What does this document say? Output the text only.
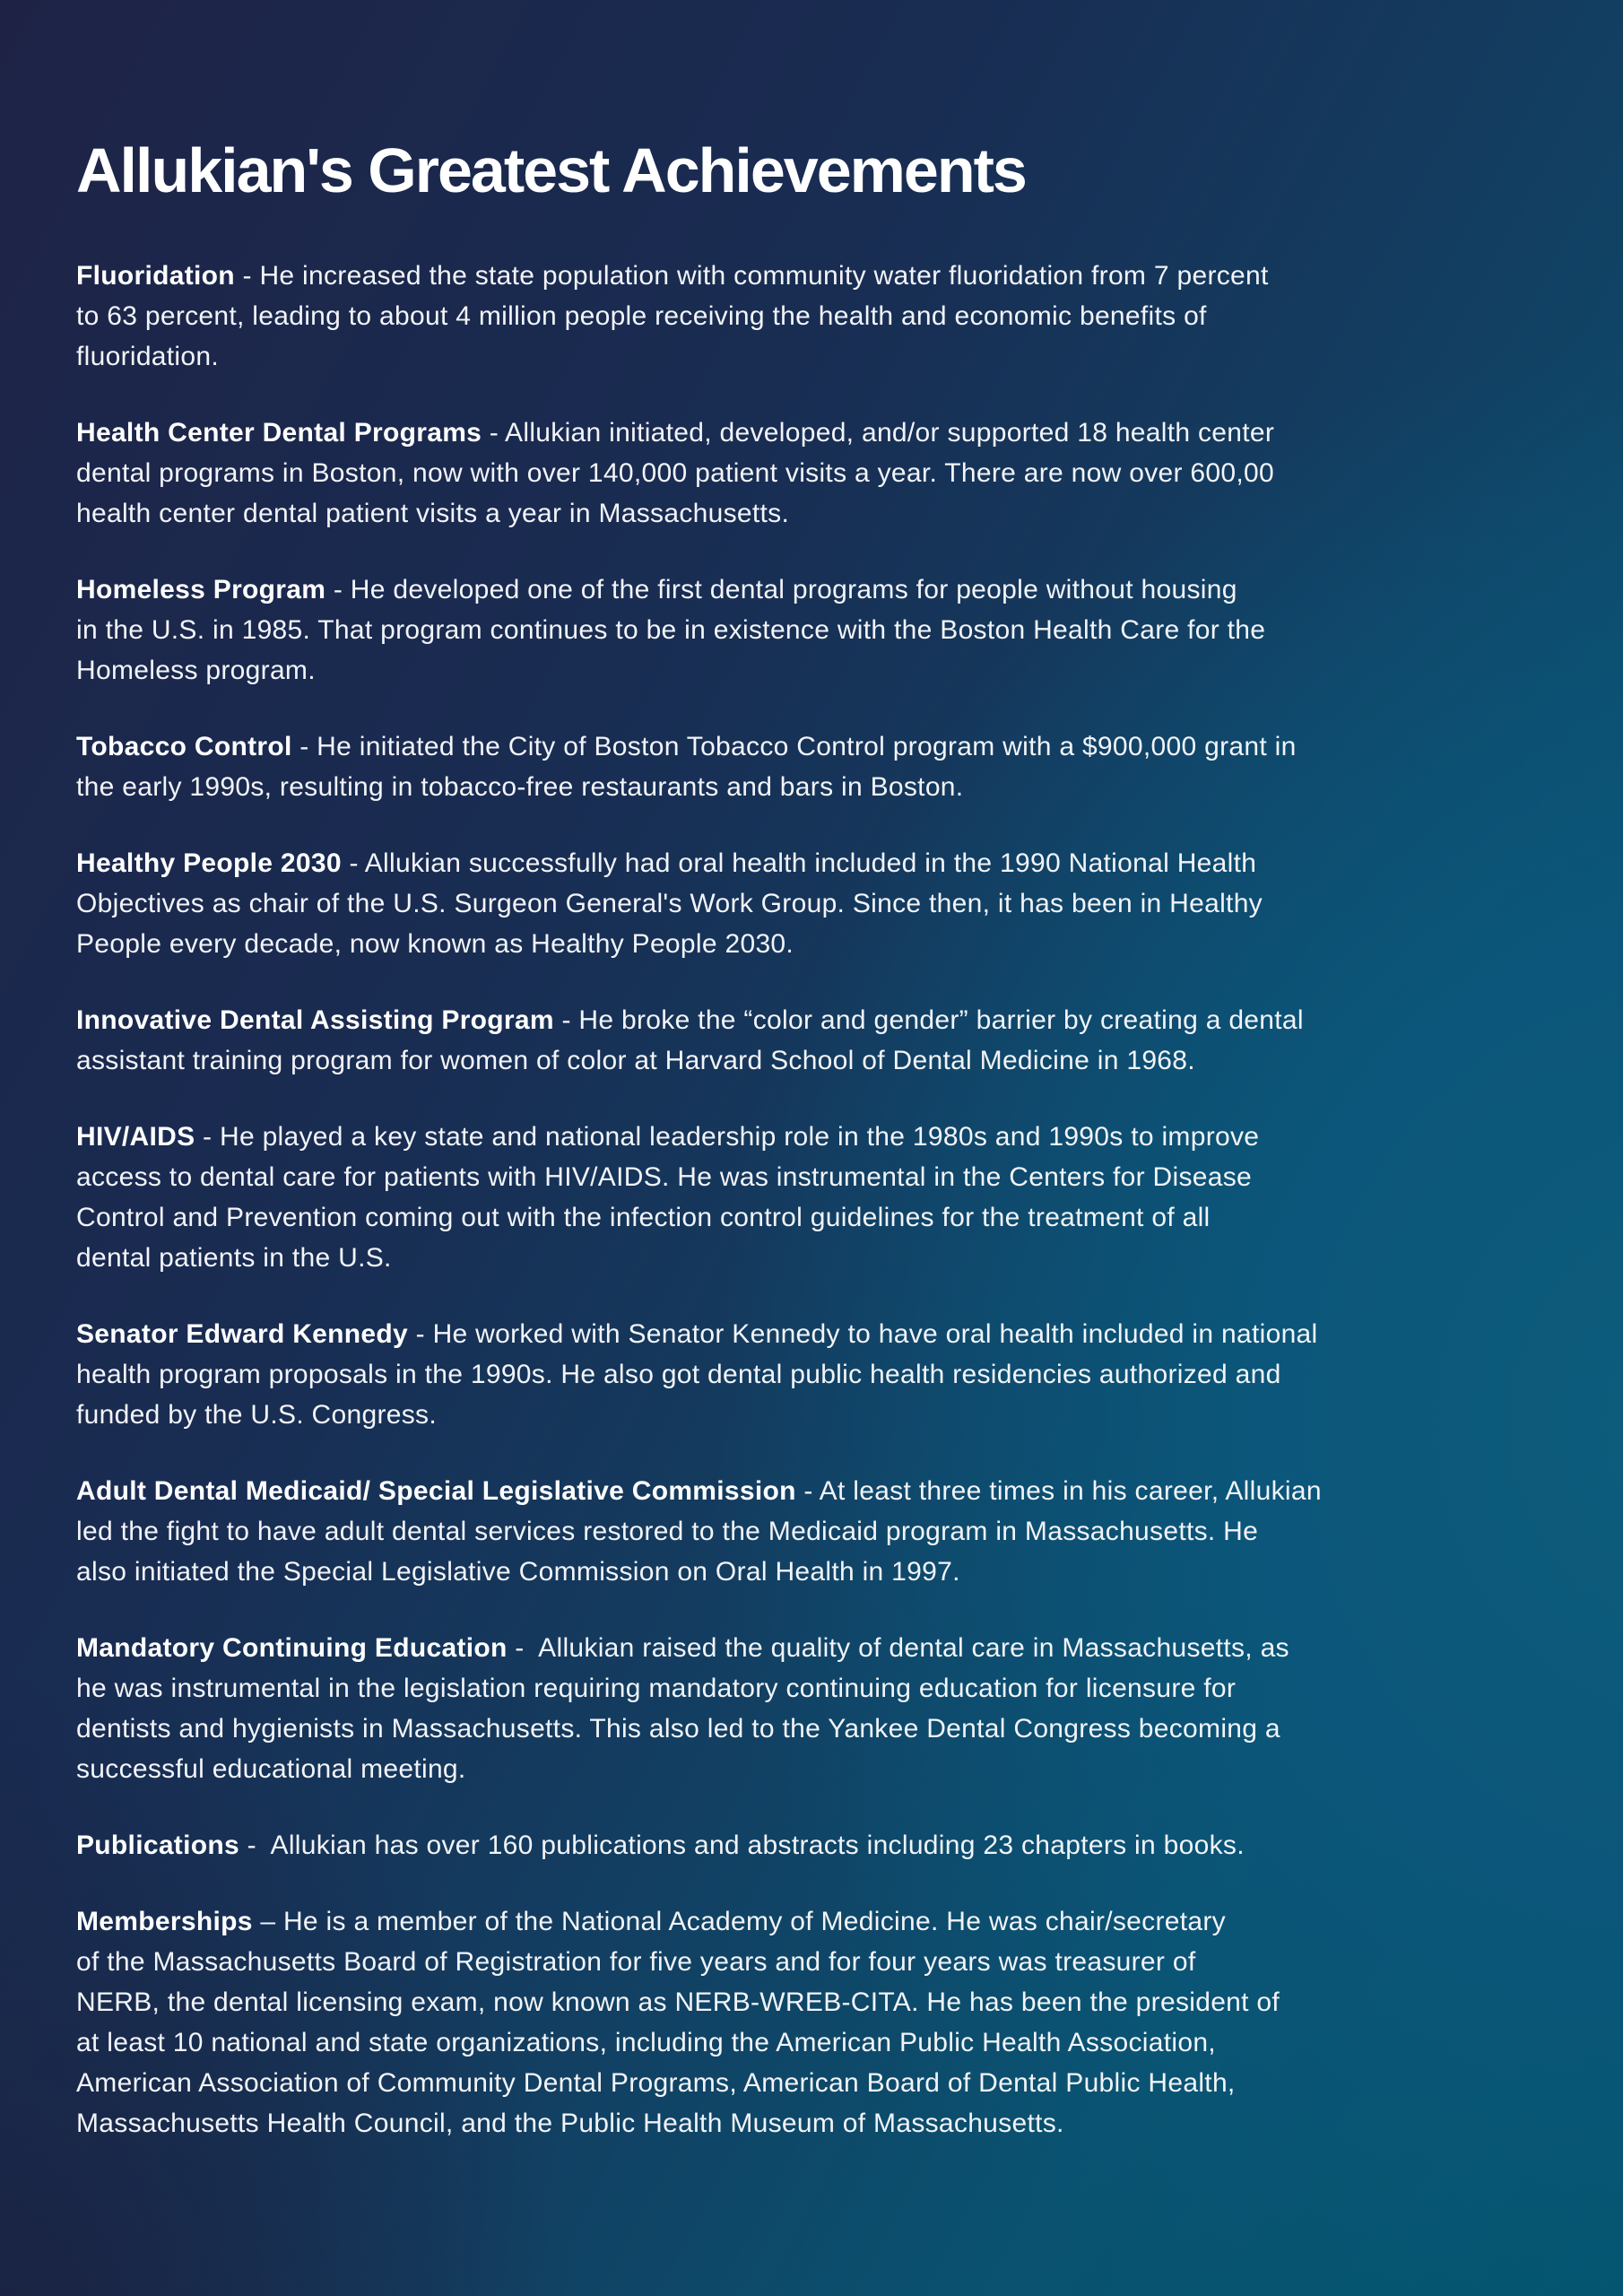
Allukian's Greatest Achievements

Fluoridation - He increased the state population with community water fluoridation from 7 percent
to 63 percent, leading to about 4 million people receiving the health and economic benefits of
fluoridation.

Health Center Dental Programs - Allukian initiated, developed, and/or supported 18 health center
dental programs in Boston, now with over 140,000 patient visits a year. There are now over 600,00
health center dental patient visits a year in Massachusetts.

Homeless Program - He developed one of the first dental programs for people without housing
in the U.S. in 1985. That program continues to be in existence with the Boston Health Care for the
Homeless program.

Tobacco Control - He initiated the City of Boston Tobacco Control program with a $900,000 grant in
the early 1990s, resulting in tobacco-free restaurants and bars in Boston.

Healthy People 2030 - Allukian successfully had oral health included in the 1990 National Health
Objectives as chair of the U.S. Surgeon General's Work Group. Since then, it has been in Healthy
People every decade, now known as Healthy People 2030.

Innovative Dental Assisting Program - He broke the “color and gender” barrier by creating a dental
assistant training program for women of color at Harvard School of Dental Medicine in 1968.

HIV/AIDS - He played a key state and national leadership role in the 1980s and 1990s to improve
access to dental care for patients with HIV/AIDS. He was instrumental in the Centers for Disease
Control and Prevention coming out with the infection control guidelines for the treatment of all
dental patients in the U.S.

Senator Edward Kennedy - He worked with Senator Kennedy to have oral health included in national
health program proposals in the 1990s. He also got dental public health residencies authorized and
funded by the U.S. Congress.

Adult Dental Medicaid/ Special Legislative Commission - At least three times in his career, Allukian
led the fight to have adult dental services restored to the Medicaid program in Massachusetts. He
also initiated the Special Legislative Commission on Oral Health in 1997.

Mandatory Continuing Education -  Allukian raised the quality of dental care in Massachusetts, as
he was instrumental in the legislation requiring mandatory continuing education for licensure for
dentists and hygienists in Massachusetts. This also led to the Yankee Dental Congress becoming a
successful educational meeting.

Publications -  Allukian has over 160 publications and abstracts including 23 chapters in books.

Memberships – He is a member of the National Academy of Medicine. He was chair/secretary
of the Massachusetts Board of Registration for five years and for four years was treasurer of
NERB, the dental licensing exam, now known as NERB-WREB-CITA. He has been the president of
at least 10 national and state organizations, including the American Public Health Association,
American Association of Community Dental Programs, American Board of Dental Public Health,
Massachusetts Health Council, and the Public Health Museum of Massachusetts.
